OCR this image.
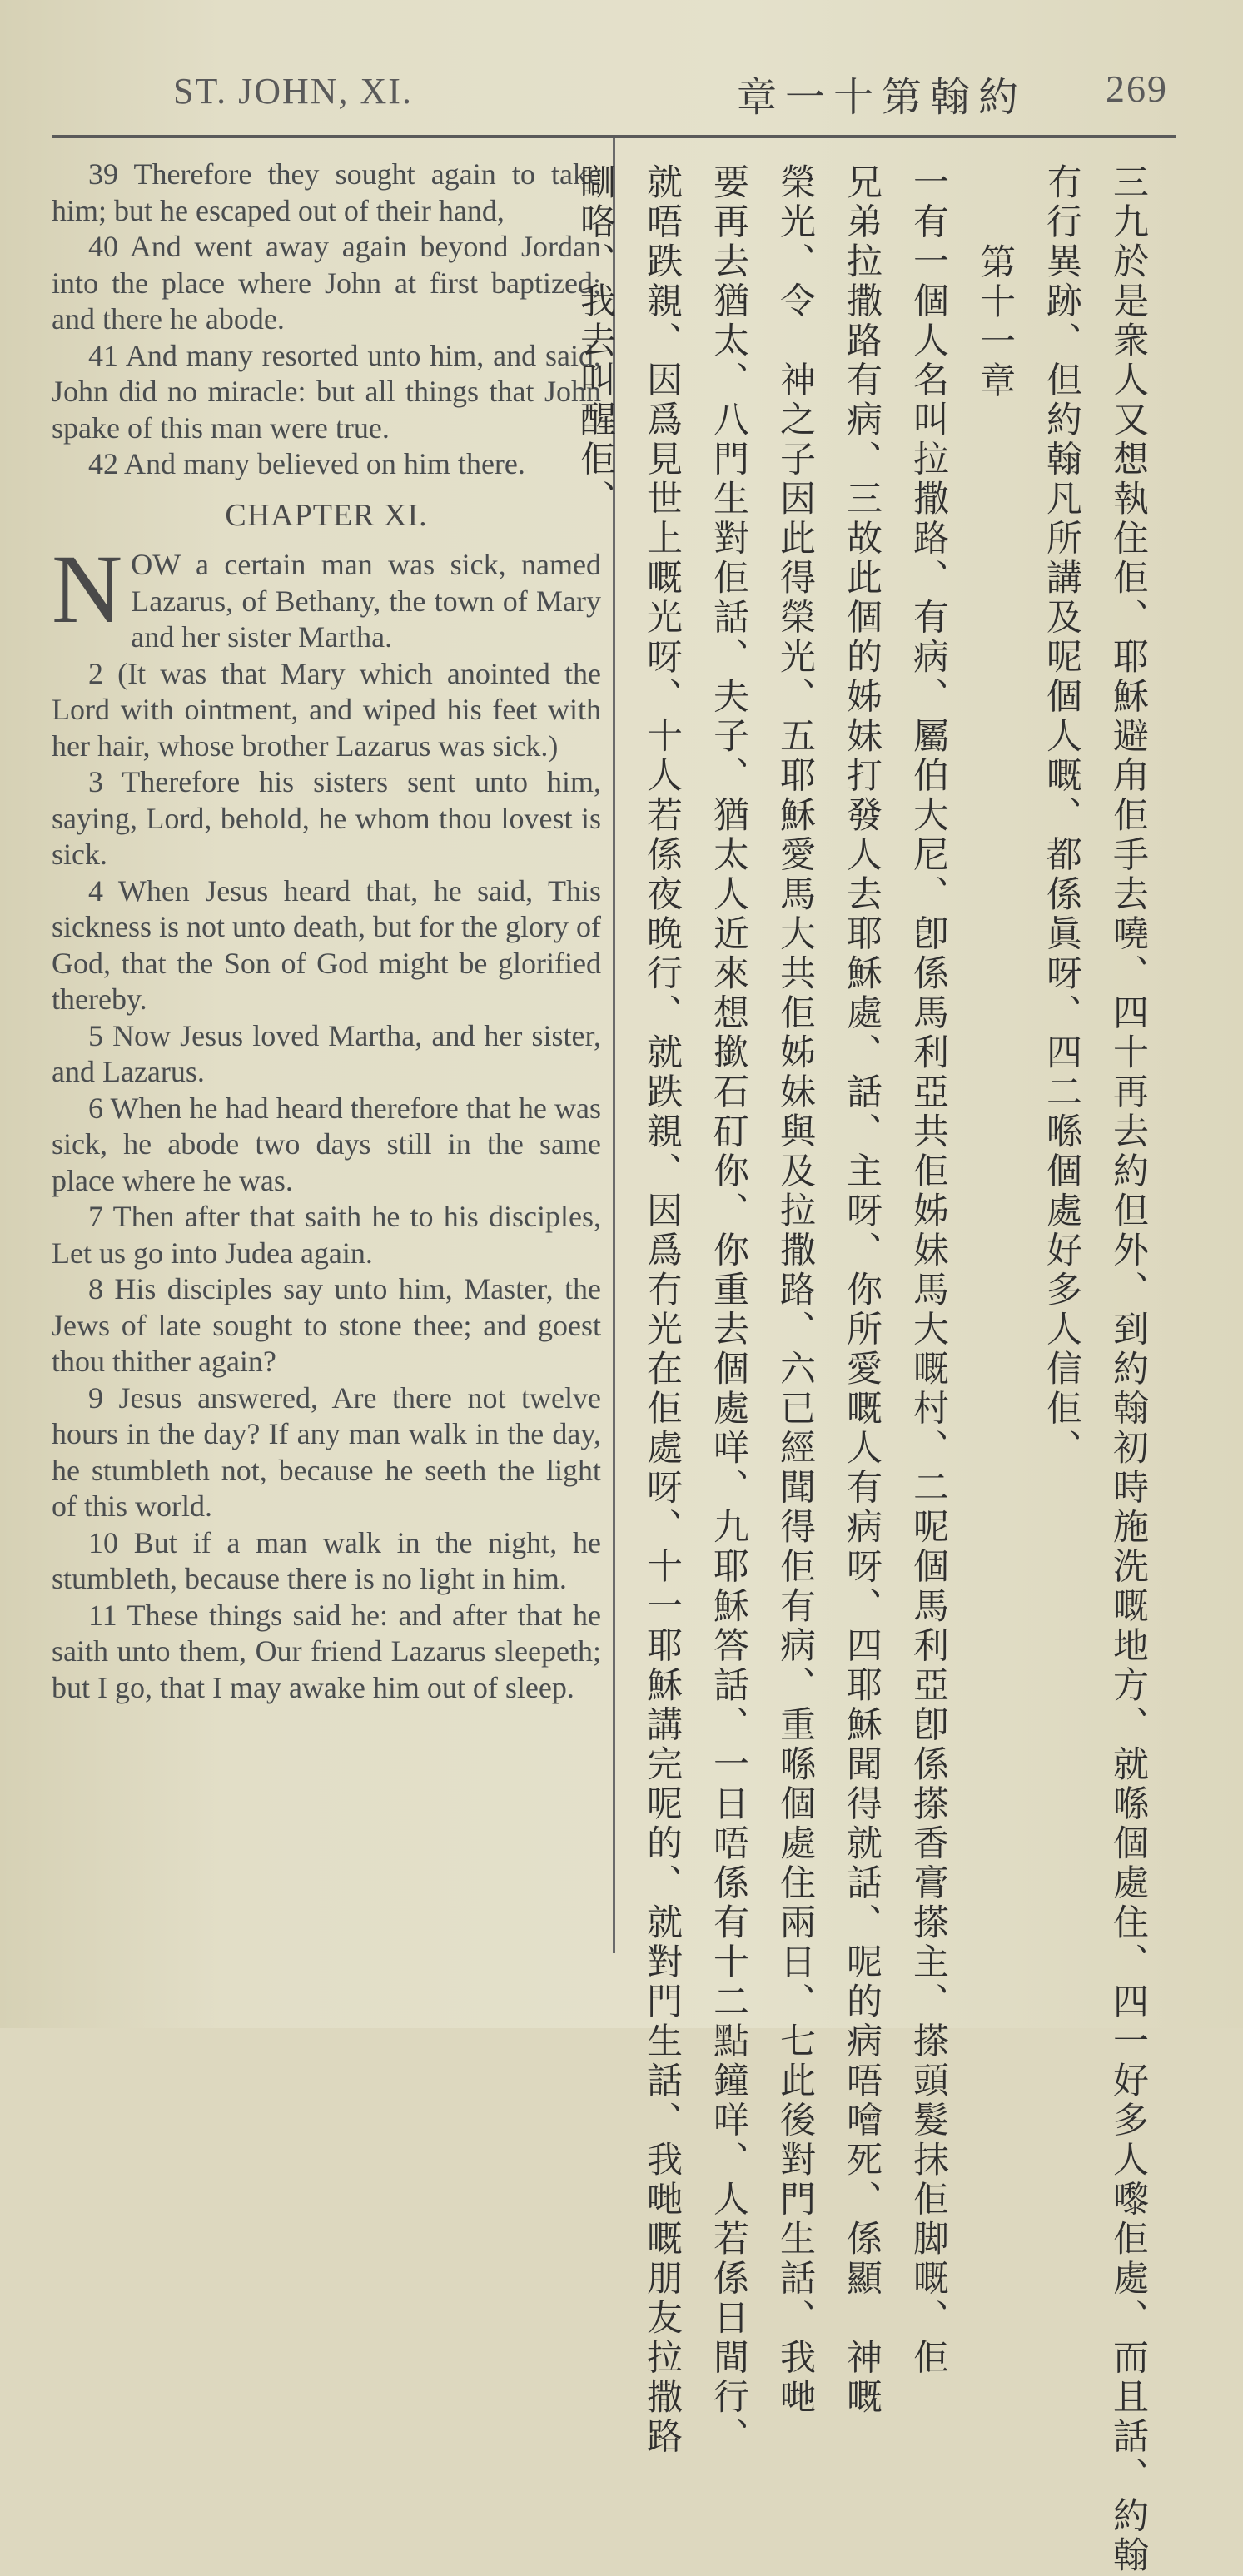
ST. JOHN, XI.	章一十第翰約 269

39 Therefore they sought again to take him; but he escaped out of their hand,

40 And went away again beyond Jordan into the place where John at first baptized; and there he abode.

41 And many resorted unto him, and said, John did no miracle: but all things that John spake of this man were true.

42 And many believed on him there.

CHAPTER XI.

NOW a certain man was sick, named Lazarus, of Bethany, the town of Mary and her sister Martha.

2 (It was that Mary which anointed the Lord with ointment, and wiped his feet with her hair, whose brother Lazarus was sick.)

3 Therefore his sisters sent unto him, saying, Lord, behold, he whom thou lovest is sick.

4 When Jesus heard that, he said, This sickness is not unto death, but for the glory of God, that the Son of God might be glorified thereby.

5 Now Jesus loved Martha, and her sister, and Lazarus.

6 When he had heard therefore that he was sick, he abode two days still in the same place where he was.

7 Then after that saith he to his disciples, Let us go into Judea again.

8 His disciples say unto him, Master, the Jews of late sought to stone thee; and goest thou thither again?

9 Jesus answered, Are there not twelve hours in the day? If any man walk in the day, he stumbleth not, because he seeth the light of this world.

10 But if a man walk in the night, he stumbleth, because there is no light in him.

11 These things said he: and after that he saith unto them, Our friend Lazarus sleepeth; but I go, that I may awake him out of sleep.	三九於是衆人又想執住佢、耶穌避甪佢手去嘵、四十再去約但外、到約翰初時施洗嘅地方、就喺個處住、四一好多人嚟佢處、而且話、約翰
冇行異跡、但約翰凡所講及呢個人嘅、都係眞呀、四二喺個處好多人信佢、
第十一章
一有一個人名叫拉撒路、有病、屬伯大尼、卽係馬利亞共佢姊妹馬大嘅村、二呢個馬利亞卽係搽香膏搽主、搽頭髮抹佢脚嘅、佢
兄弟拉撒路有病、三故此個的姊妹打發人去耶穌處、話、主呀、你所愛嘅人有病呀、四耶穌聞得就話、呢的病唔噲死、係顯　神嘅
榮光、令　神之子因此得榮光、五耶穌愛馬大共佢姊妹與及拉撒路、六已經聞得佢有病、重喺個處住兩日、七此後對門生話、我哋
要再去猶太、八門生對佢話、夫子、猶太人近來想撳石矴你、你重去個處咩、九耶穌答話、一日唔係有十二點鐘咩、人若係日間行、
就唔跌親、因爲見世上嘅光呀、十人若係夜晚行、就跌親、因爲冇光在佢處呀、十一耶穌講完呢的、就對門生話、我哋嘅朋友拉撒路
瞓咯、我去叫醒佢、
